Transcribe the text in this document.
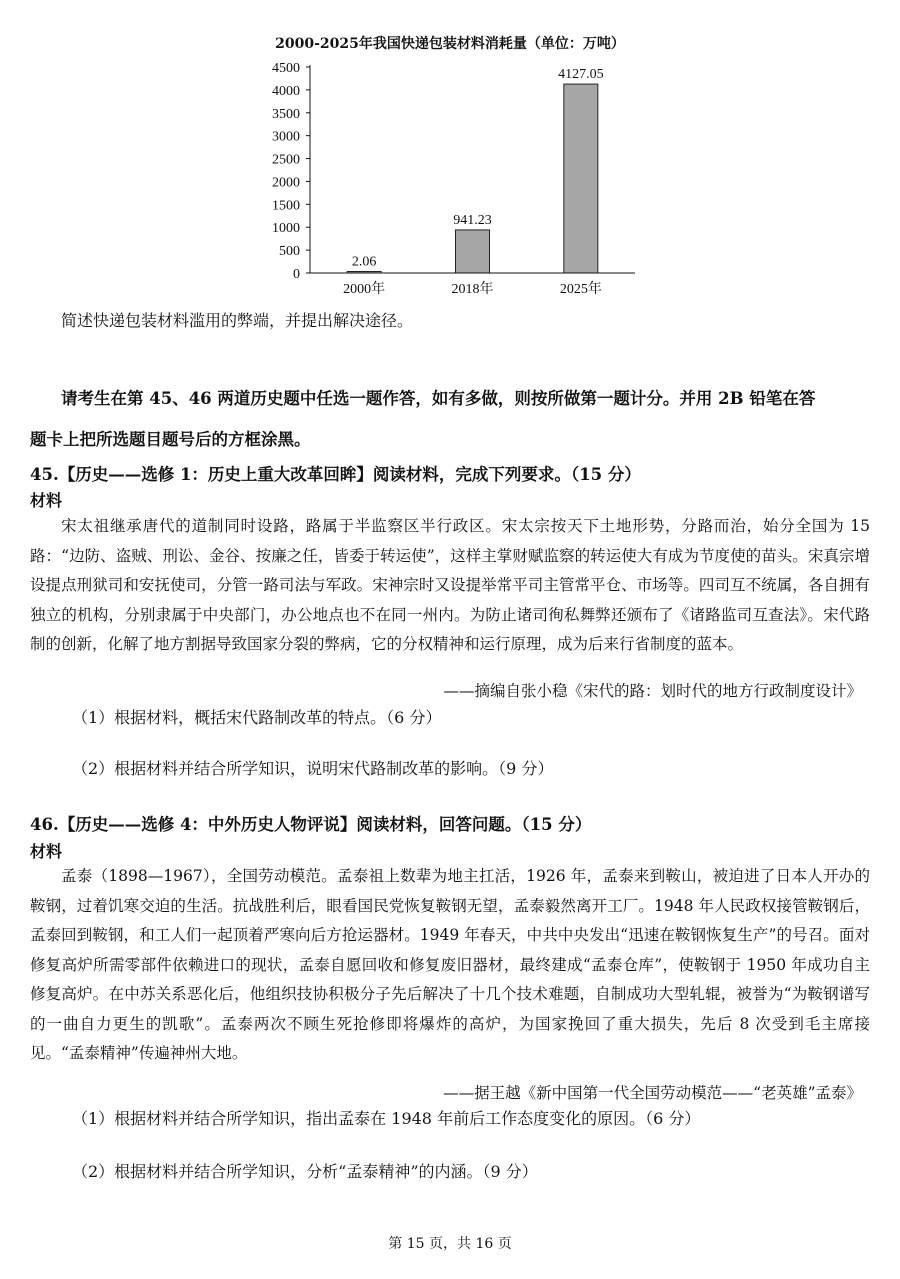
2000-2025年我国快递包装材料消耗量（单位：万吨）
0
500
1000
1500
2000
2500
3000
3500
4000
4500
2.06
941.23
4127.05
2000年	2018年	2025年
简述快递包装材料滥用的弊端，并提出解决途径。
请考生在第 45、46 两道历史题中任选一题作答，如有多做，则按所做第一题计分。并用 2B 铅笔在答
题卡上把所选题目题号后的方框涂黑。
45.【历史——选修 1：历史上重大改革回眸】阅读材料，完成下列要求。（15 分）
材料
宋太祖继承唐代的道制同时设路，路属于半监察区半行政区。宋太宗按天下土地形势，分路而治，始分全国为 15 路：“边防、盗贼、刑讼、金谷、按廉之任，皆委于转运使”，这样主掌财赋监察的转运使大有成为节度使的苗头。宋真宗增设提点刑狱司和安抚使司，分管一路司法与军政。宋神宗时又设提举常平司主管常平仓、市场等。四司互不统属，各自拥有独立的机构，分别隶属于中央部门，办公地点也不在同一州内。为防止诸司徇私舞弊还颁布了《诸路监司互查法》。宋代路制的创新，化解了地方割据导致国家分裂的弊病，它的分权精神和运行原理，成为后来行省制度的蓝本。
——摘编自张小稳《宋代的路：划时代的地方行政制度设计》
（1）根据材料，概括宋代路制改革的特点。（6 分）
（2）根据材料并结合所学知识，说明宋代路制改革的影响。（9 分）
46.【历史——选修 4：中外历史人物评说】阅读材料，回答问题。（15 分）
材料
孟泰（1898—1967），全国劳动模范。孟泰祖上数辈为地主扛活，1926 年，孟泰来到鞍山，被迫进了日本人开办的鞍钢，过着饥寒交迫的生活。抗战胜利后，眼看国民党恢复鞍钢无望，孟泰毅然离开工厂。1948 年人民政权接管鞍钢后，孟泰回到鞍钢，和工人们一起顶着严寒向后方抢运器材。1949 年春天，中共中央发出“迅速在鞍钢恢复生产”的号召。面对修复高炉所需零部件依赖进口的现状，孟泰自愿回收和修复废旧器材，最终建成“孟泰仓库”，使鞍钢于 1950 年成功自主修复高炉。在中苏关系恶化后，他组织技协积极分子先后解决了十几个技术难题，自制成功大型轧辊，被誉为“为鞍钢谱写的一曲自力更生的凯歌”。孟泰两次不顾生死抢修即将爆炸的高炉，为国家挽回了重大损失，先后 8 次受到毛主席接见。“孟泰精神”传遍神州大地。
——据王越《新中国第一代全国劳动模范——“老英雄”孟泰》
（1）根据材料并结合所学知识，指出孟泰在 1948 年前后工作态度变化的原因。（6 分）
（2）根据材料并结合所学知识，分析“孟泰精神”的内涵。（9 分）
第 15 页，共 16 页
